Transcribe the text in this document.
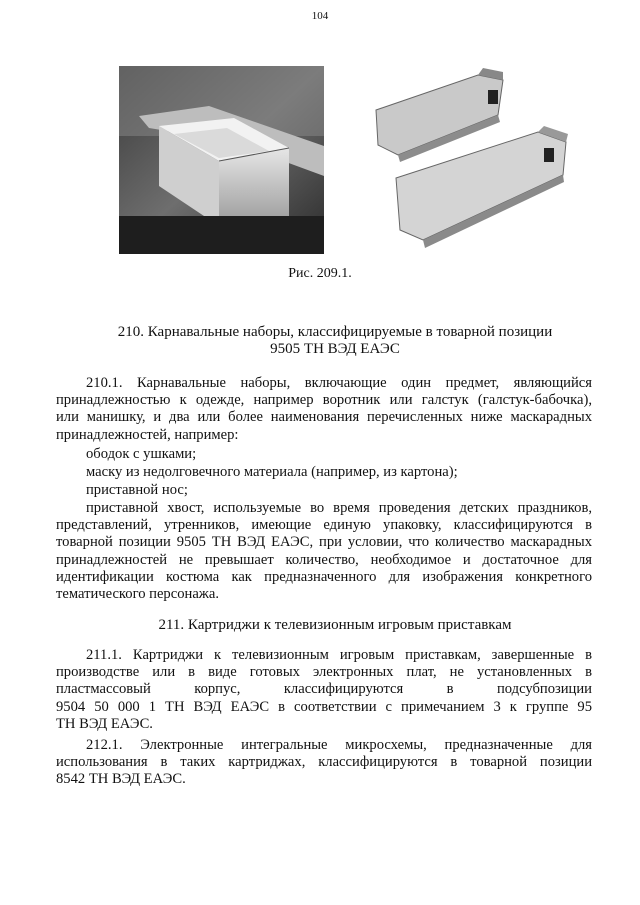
104
Рис. 209.1.
210. Карнавальные наборы, классифицируемые в товарной позиции
9505 ТН ВЭД ЕАЭС
210.1. Карнавальные наборы, включающие один предмет, являющийся
принадлежностью к одежде, например воротник или галстук (галстук-бабочка),
или манишку, и два или более наименования перечисленных ниже маскарадных
принадлежностей, например:
ободок с ушками;
маску из недолговечного материала (например, из картона);
приставной нос;
приставной хвост, используемые во время проведения детских праздников,
представлений, утренников, имеющие единую упаковку, классифицируются в
товарной позиции 9505 ТН ВЭД ЕАЭС, при условии, что количество маскарадных
принадлежностей не превышает количество, необходимое и достаточное для
идентификации костюма как предназначенного для изображения конкретного
тематического персонажа.
211. Картриджи к телевизионным игровым приставкам
211.1. Картриджи к телевизионным игровым приставкам, завершенные в
производстве или в виде готовых электронных плат, не установленных в
пластмассовый корпус, классифицируются в подсубпозиции
9504 50 000 1 ТН ВЭД ЕАЭС в соответствии с примечанием 3 к группе 95
ТН ВЭД ЕАЭС.
212.1. Электронные интегральные микросхемы, предназначенные для
использования в таких картриджах, классифицируются в товарной позиции
8542 ТН ВЭД ЕАЭС.
